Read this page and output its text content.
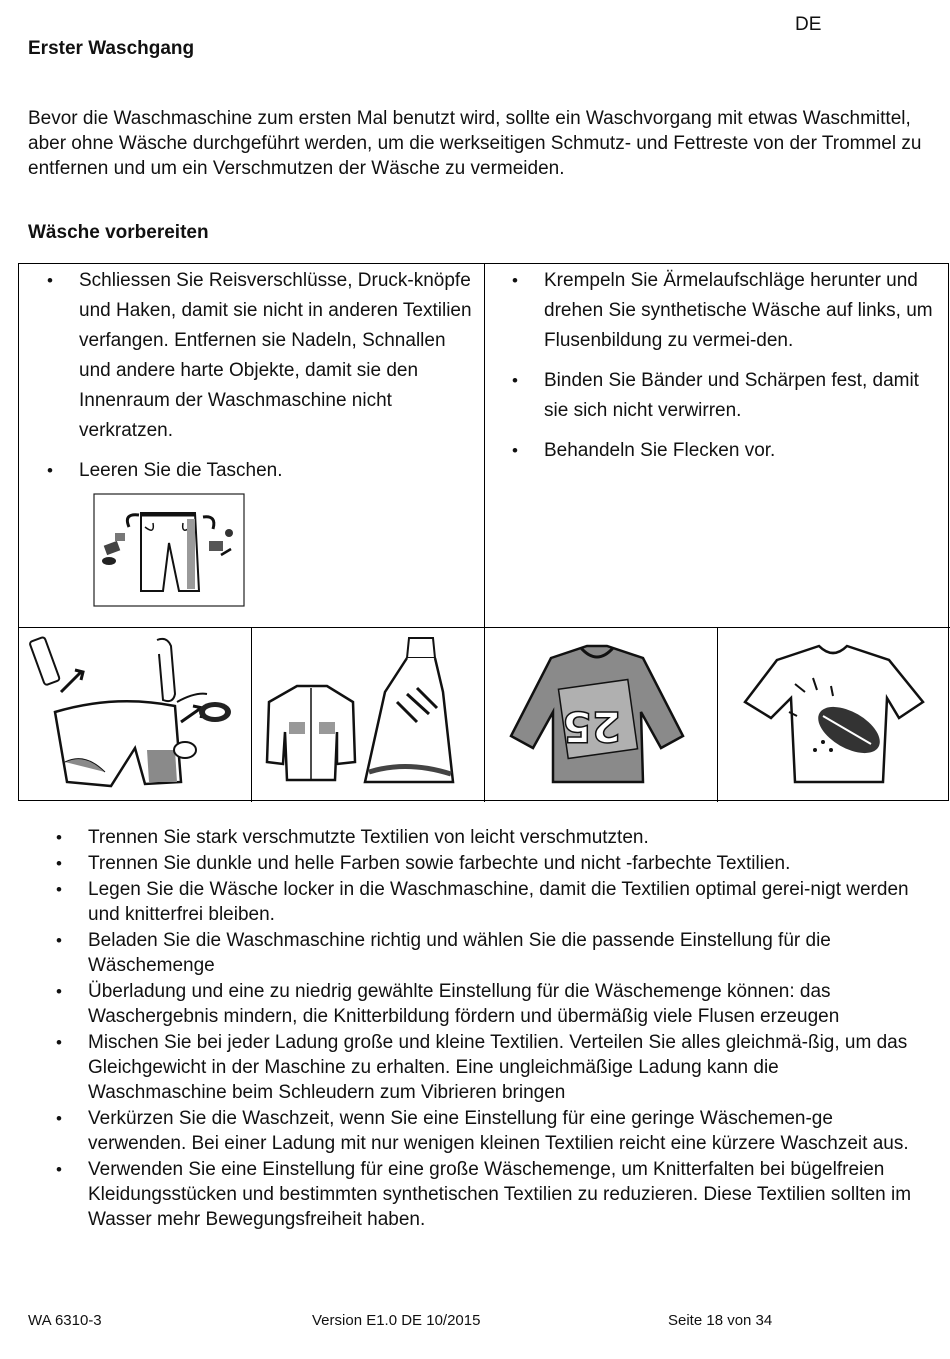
DE
Erster Waschgang
Bevor die Waschmaschine zum ersten Mal benutzt wird, sollte ein Waschvorgang mit etwas Waschmittel, aber ohne Wäsche durchgeführt werden, um die werkseitigen Schmutz- und Fettreste von der Trommel zu entfernen und um ein Verschmutzen der Wäsche zu vermeiden.
Wäsche vorbereiten
• Schliessen Sie Reisverschlüsse, Druck-knöpfe und Haken, damit sie nicht in anderen Textilien verfangen. Entfernen sie Nadeln, Schnallen und andere harte Objekte, damit sie den Innenraum der Waschmaschine nicht verkratzen.
• Leeren Sie die Taschen.
• Krempeln Sie Ärmelaufschläge herunter und drehen Sie synthetische Wäsche auf links, um Flusenbildung zu vermei-den.
• Binden Sie Bänder und Schärpen fest, damit sie sich nicht verwirren.
• Behandeln Sie Flecken vor.
25
• Trennen Sie stark verschmutzte Textilien von leicht verschmutzten.
• Trennen Sie dunkle und helle Farben sowie farbechte und nicht -farbechte Textilien.
• Legen Sie die Wäsche locker in die Waschmaschine, damit die Textilien optimal gerei-nigt werden und knitterfrei bleiben.
• Beladen Sie die Waschmaschine richtig und wählen Sie die passende Einstellung für die Wäschemenge
• Überladung und eine zu niedrig gewählte Einstellung für die Wäschemenge können: das Waschergebnis mindern, die Knitterbildung fördern und übermäßig viele Flusen erzeugen
• Mischen Sie bei jeder Ladung große und kleine Textilien. Verteilen Sie alles gleichmä-ßig, um das Gleichgewicht in der Maschine zu erhalten. Eine ungleichmäßige Ladung kann die Waschmaschine beim Schleudern zum Vibrieren bringen
• Verkürzen Sie die Waschzeit, wenn Sie eine Einstellung für eine geringe Wäschemen-ge verwenden. Bei einer Ladung mit nur wenigen kleinen Textilien reicht eine kürzere Waschzeit aus.
• Verwenden Sie eine Einstellung für eine große Wäschemenge, um Knitterfalten bei bügelfreien Kleidungsstücken und bestimmten synthetischen Textilien zu reduzieren. Diese Textilien sollten im Wasser mehr Bewegungsfreiheit haben.
WA 6310-3	Version E1.0 DE 10/2015	Seite 18 von 34
